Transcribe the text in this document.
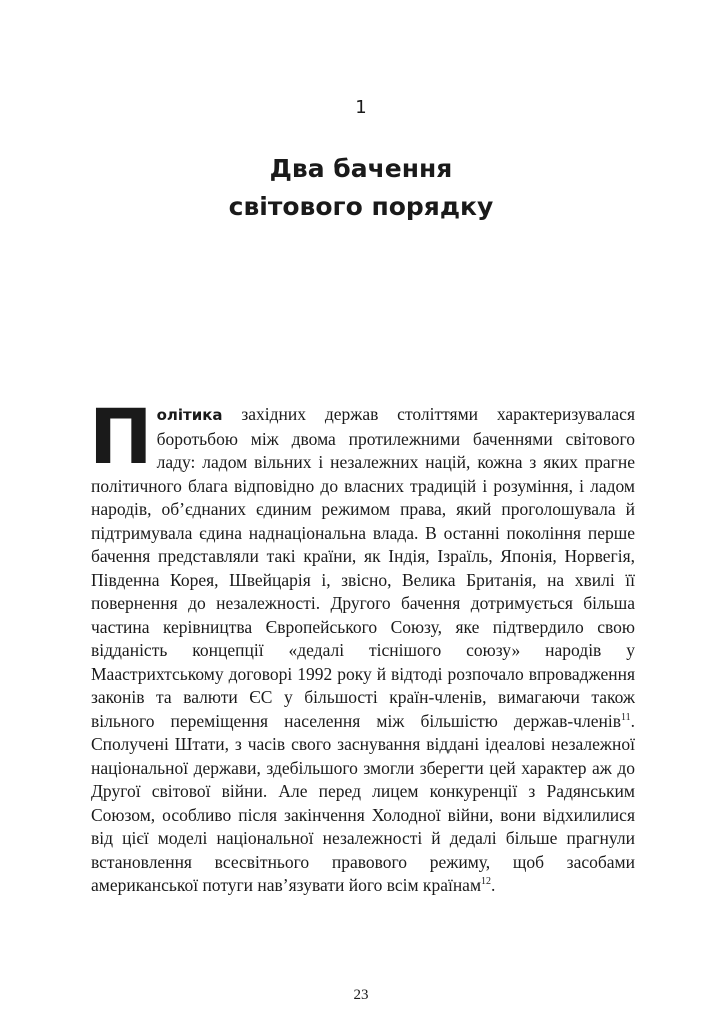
1
Два бачення
світового порядку

Політика західних держав століттями характеризувалася боротьбою між двома протилежними баченнями світового ладу: ладом вільних і незалежних націй, кожна з яких прагне політичного блага відповідно до власних традицій і розуміння, і ладом народів, об’єднаних єдиним режимом права, який проголошувала й підтримувала єдина наднаціональна влада. В останні покоління перше бачення представляли такі країни, як Індія, Ізраїль, Японія, Норвегія, Південна Корея, Швейцарія і, звісно, Велика Британія, на хвилі її повернення до незалежності. Другого бачення дотримується більша частина керівництва Європейського Союзу, яке підтвердило свою відданість концепції «дедалі тіснішого союзу» народів у Маастрихтському договорі 1992 року й відтоді розпочало впровадження законів та валюти ЄС у більшості країн-членів, вимагаючи також вільного переміщення населення між більшістю держав-членів$^{11}$. Сполучені Штати, з часів свого заснування віддані ідеалові незалежної національної держави, здебільшого змогли зберегти цей характер аж до Другої світової війни. Але перед лицем конкуренції з Радянським Союзом, особливо після закінчення Холодної війни, вони відхилилися від цієї моделі національної незалежності й дедалі більше прагнули встановлення всесвітнього правового режиму, щоб засобами американської потуги нав’язувати його всім країнам$^{12}$.

23
